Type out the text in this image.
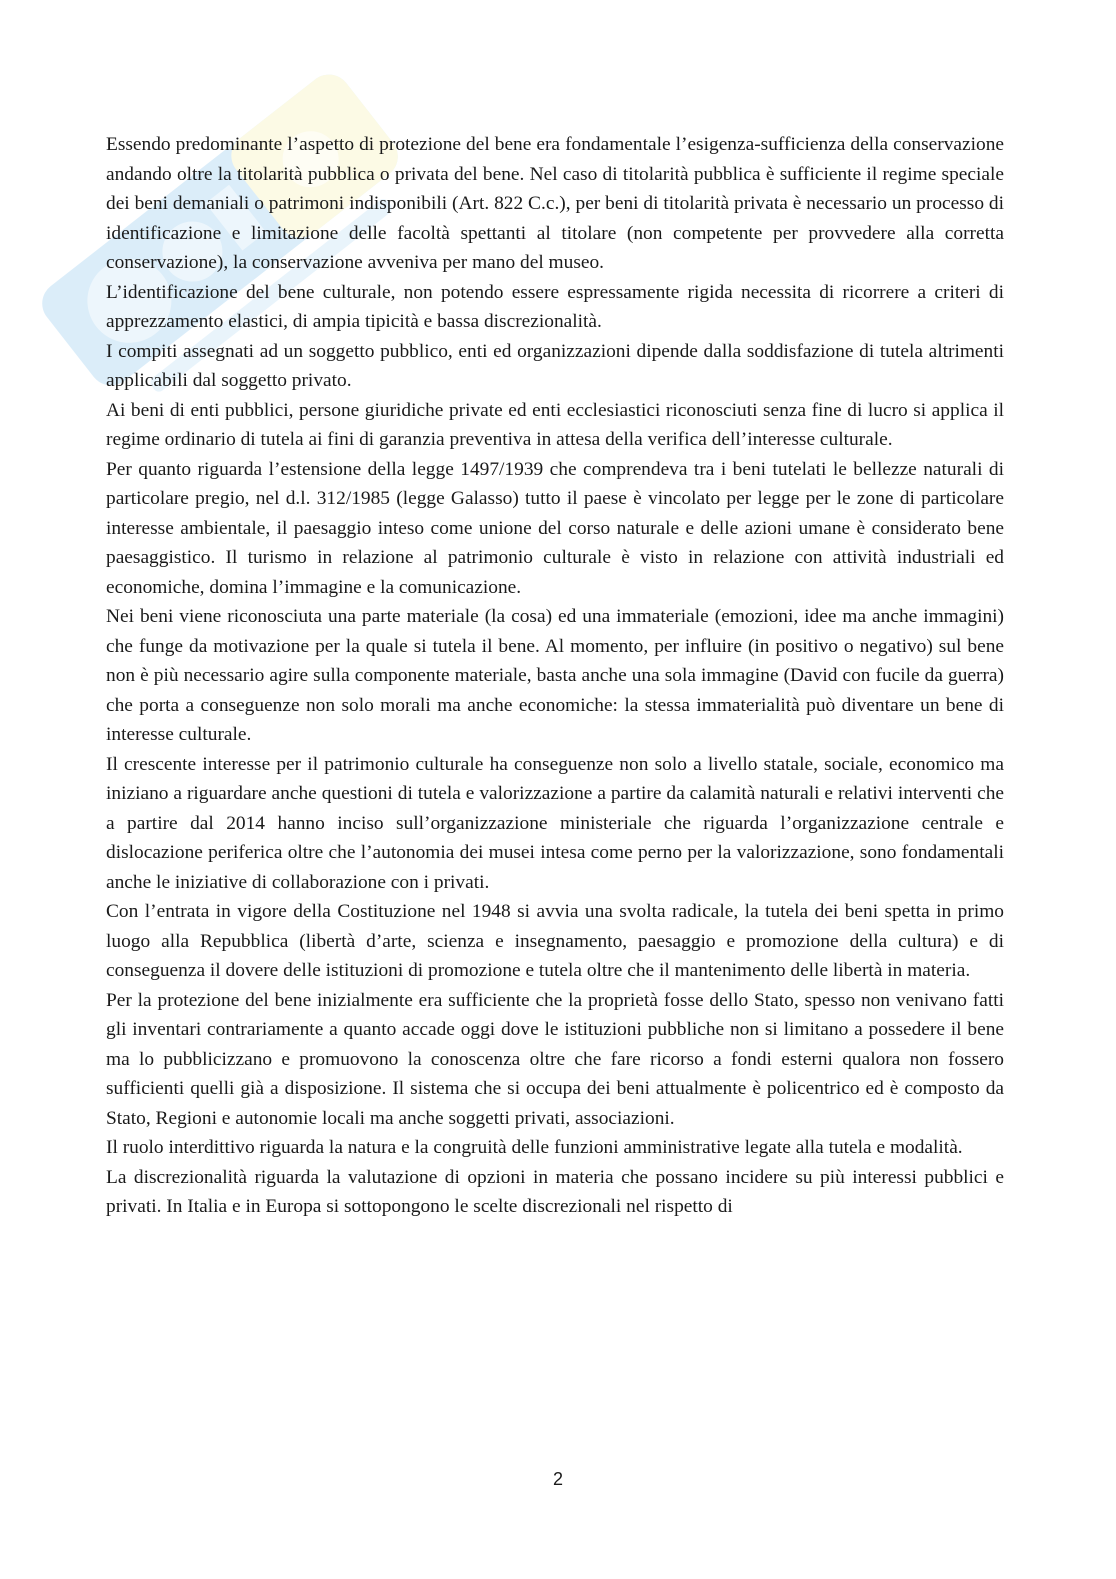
Essendo predominante l’aspetto di protezione del bene era fondamentale l’esigenza-sufficienza della conservazione andando oltre la titolarità pubblica o privata del bene. Nel caso di titolarità pubblica è sufficiente il regime speciale dei beni demaniali o patrimoni indisponibili (Art. 822 C.c.), per beni di titolarità privata è necessario un processo di identificazione e limitazione delle facoltà spettanti al titolare (non competente per provvedere alla corretta conservazione), la conservazione avveniva per mano del museo.

L’identificazione del bene culturale, non potendo essere espressamente rigida necessita di ricorrere a criteri di apprezzamento elastici, di ampia tipicità e bassa discrezionalità.

I compiti assegnati ad un soggetto pubblico, enti ed organizzazioni dipende dalla soddisfazione di tutela altrimenti applicabili dal soggetto privato.

Ai beni di enti pubblici, persone giuridiche private ed enti ecclesiastici riconosciuti senza fine di lucro si applica il regime ordinario di tutela ai fini di garanzia preventiva in attesa della verifica dell’interesse culturale.

Per quanto riguarda l’estensione della legge 1497/1939 che comprendeva tra i beni tutelati le bellezze naturali di particolare pregio, nel d.l. 312/1985 (legge Galasso) tutto il paese è vincolato per legge per le zone di particolare interesse ambientale, il paesaggio inteso come unione del corso naturale e delle azioni umane è considerato bene paesaggistico. Il turismo in relazione al patrimonio culturale è visto in relazione con attività industriali ed economiche, domina l’immagine e la comunicazione.

Nei beni viene riconosciuta una parte materiale (la cosa) ed una immateriale (emozioni, idee ma anche immagini) che funge da motivazione per la quale si tutela il bene. Al momento, per influire (in positivo o negativo) sul bene non è più necessario agire sulla componente materiale, basta anche una sola immagine (David con fucile da guerra) che porta a conseguenze non solo morali ma anche economiche: la stessa immaterialità può diventare un bene di interesse culturale.

Il crescente interesse per il patrimonio culturale ha conseguenze non solo a livello statale, sociale, economico ma iniziano a riguardare anche questioni di tutela e valorizzazione a partire da calamità naturali e relativi interventi che a partire dal 2014 hanno inciso sull’organizzazione ministeriale che riguarda l’organizzazione centrale e dislocazione periferica oltre che l’autonomia dei musei intesa come perno per la valorizzazione, sono fondamentali anche le iniziative di collaborazione con i privati.

Con l’entrata in vigore della Costituzione nel 1948 si avvia una svolta radicale, la tutela dei beni spetta in primo luogo alla Repubblica (libertà d’arte, scienza e insegnamento, paesaggio e promozione della cultura) e di conseguenza il dovere delle istituzioni di promozione e tutela oltre che il mantenimento delle libertà in materia.

Per la protezione del bene inizialmente era sufficiente che la proprietà fosse dello Stato, spesso non venivano fatti gli inventari contrariamente a quanto accade oggi dove le istituzioni pubbliche non si limitano a possedere il bene ma lo pubblicizzano e promuovono la conoscenza oltre che fare ricorso a fondi esterni qualora non fossero sufficienti quelli già a disposizione. Il sistema che si occupa dei beni attualmente è policentrico ed è composto da Stato, Regioni e autonomie locali ma anche soggetti privati, associazioni.

Il ruolo interdittivo riguarda la natura e la congruità delle funzioni amministrative legate alla tutela e modalità.

La discrezionalità riguarda la valutazione di opzioni in materia che possano incidere su più interessi pubblici e privati. In Italia e in Europa si sottopongono le scelte discrezionali nel rispetto di

2
